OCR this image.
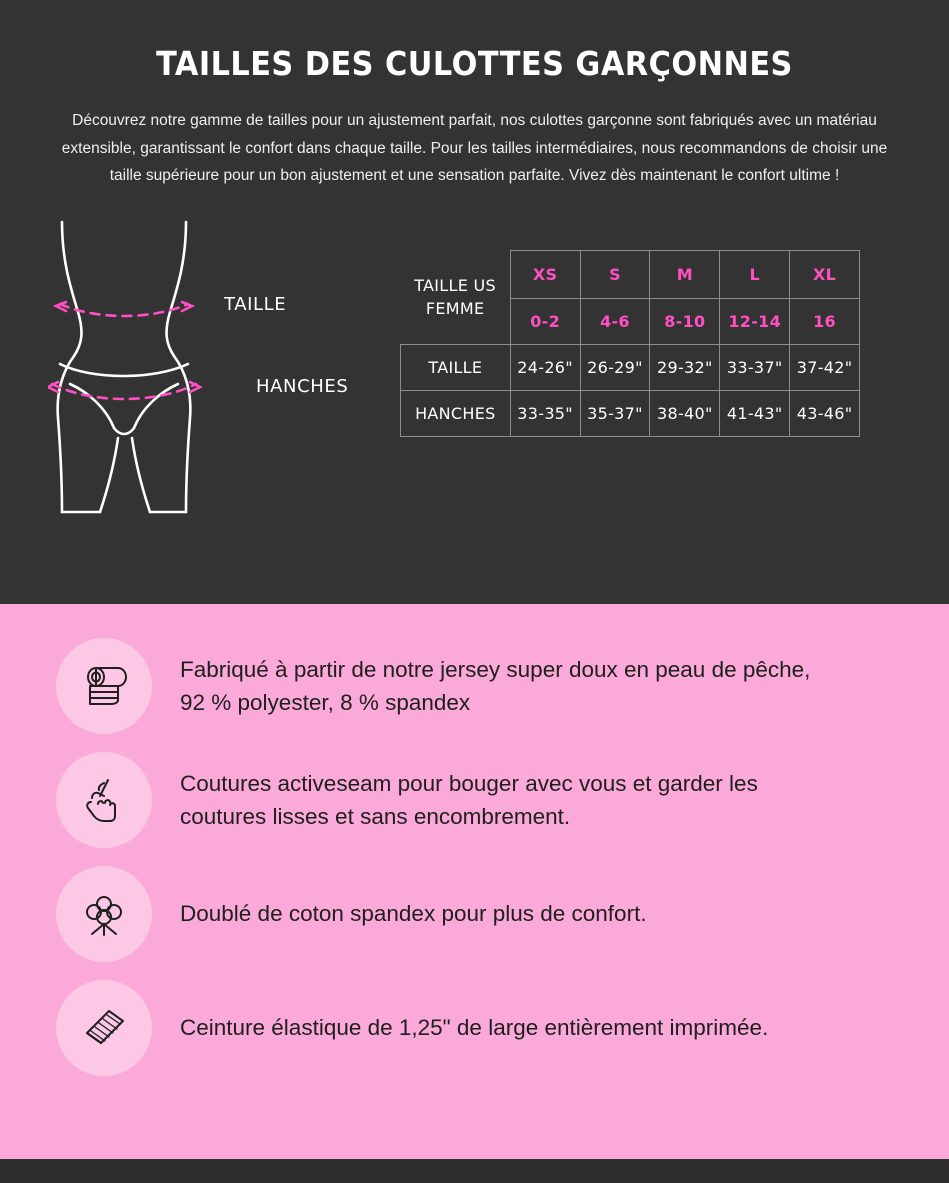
TAILLES DES CULOTTES GARÇONNES

Découvrez notre gamme de tailles pour un ajustement parfait, nos culottes garçonne sont fabriqués avec un matériau extensible, garantissant le confort dans chaque taille. Pour les tailles intermédiaires, nous recommandons de choisir une taille supérieure pour un bon ajustement et une sensation parfaite. Vivez dès maintenant le confort ultime !

TAILLE
HANCHES
TAILLE US
FEMME	XS	S	M	L	XL
	0-2	4-6	8-10	12-14	16
TAILLE	24-26"	26-29"	29-32"	33-37"	37-42"
HANCHES	33-35"	35-37"	38-40"	41-43"	43-46"
Fabriqué à partir de notre jersey super doux en peau de pêche, 92 % polyester, 8 % spandex
Coutures activeseam pour bouger avec vous et garder les coutures lisses et sans encombrement.
Doublé de coton spandex pour plus de confort.
Ceinture élastique de 1,25" de large entièrement imprimée.
